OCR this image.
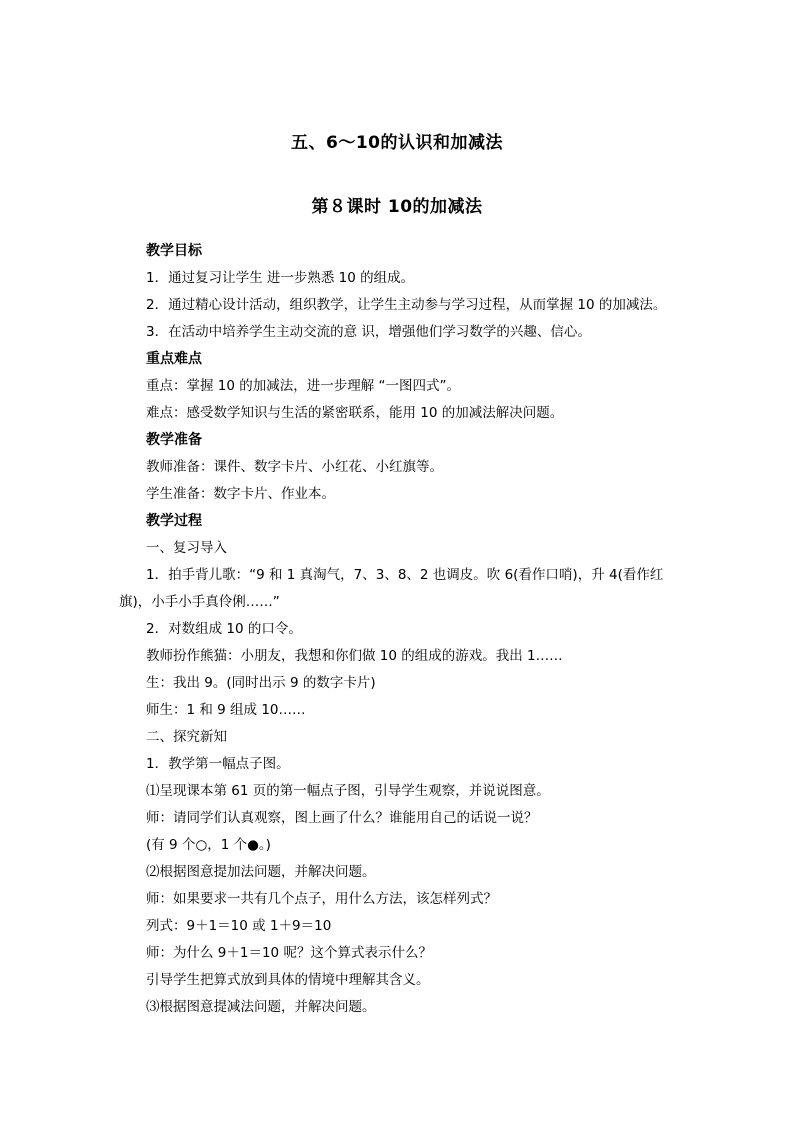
五、6～10的认识和加减法
第８课时 10的加减法
教学目标
1．通过复习让学生 进一步熟悉 10 的组成。
2．通过精心设计活动，组织教学，让学生主动参与学习过程，从而掌握 10 的加减法。
3．在活动中培养学生主动交流的意 识，增强他们学习数学的兴趣、信心。
重点难点
重点：掌握 10 的加减法，进一步理解 “一图四式”。
难点：感受数学知识与生活的紧密联系，能用 10 的加减法解决问题。
教学准备
教师准备：课件、数字卡片、小红花、小红旗等。
学生准备：数字卡片、作业本。
教学过程
一、复习导入
1．拍手背儿歌：“9 和 1 真淘气，7、3、8、2 也调皮。吹 6(看作口哨)，升 4(看作红
旗)，小手小手真伶俐……”
2．对数组成 10 的口令。
教师扮作熊猫：小朋友，我想和你们做 10 的组成的游戏。我出 1……
生：我出 9。(同时出示 9 的数字卡片)
师生：1 和 9 组成 10……
二、探究新知
1．教学第一幅点子图。
⑴呈现课本第 61 页的第一幅点子图，引导学生观察，并说说图意。
师：请同学们认真观察，图上画了什么？谁能用自己的话说一说？
(有 9 个○，1 个●。)
⑵根据图意提加法问题，并解决问题。
师：如果要求一共有几个点子，用什么方法，该怎样列式？
列式：9＋1＝10 或 1＋9＝10
师：为什么 9＋1＝10 呢？这个算式表示什么？
引导学生把算式放到具体的情境中理解其含义。
⑶根据图意提减法问题，并解决问题。
